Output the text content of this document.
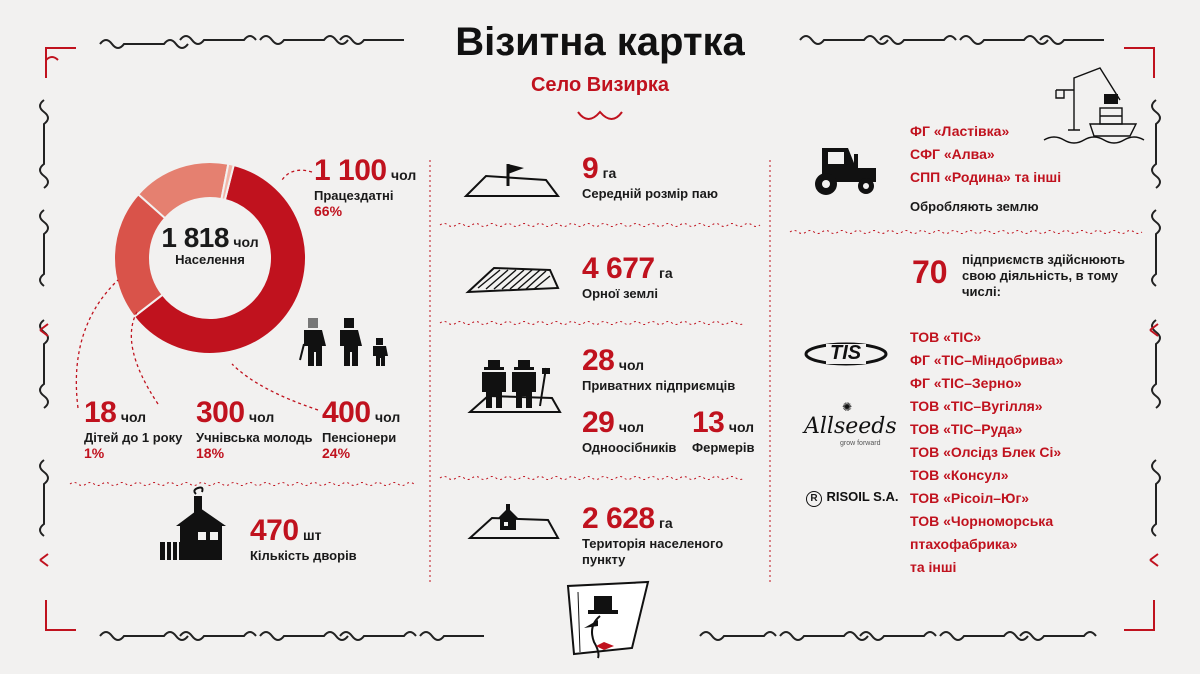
Візитна картка
Село Визирка
1 818 чол
Населення
1 100 чол
Працездатні
66%
18 чол
Дітей до 1 року
1%
300 чол
Учнівська молодь
18%
400 чол
Пенсіонери
24%
470 шт
Кількість дворів
9 га
Середній розмір паю
4 677 га
Орної землі
28 чол
Приватних підприємців
29 чол
Одноосібників
13 чол
Фермерів
2 628 га
Територія населеного пункту
ФГ «Ластівка»
СФГ «Алва»
СПП «Родина» та інші
Обробляють землю
70 підприємств здійснюють свою діяльність, в тому числі:
TIS
✺
Allseeds
grow forward
R RISOIL S.A.
ТОВ «ТІС»
ФГ «ТІС–Міндобрива»
ФГ «ТІС–Зерно»
ТОВ «ТІС–Вугілля»
ТОВ «ТІС–Руда»
ТОВ «Олсідз Блек Сі»
ТОВ «Консул»
ТОВ «Рісоіл–Юг»
ТОВ «Чорноморська
птахофабрика»
та інші
